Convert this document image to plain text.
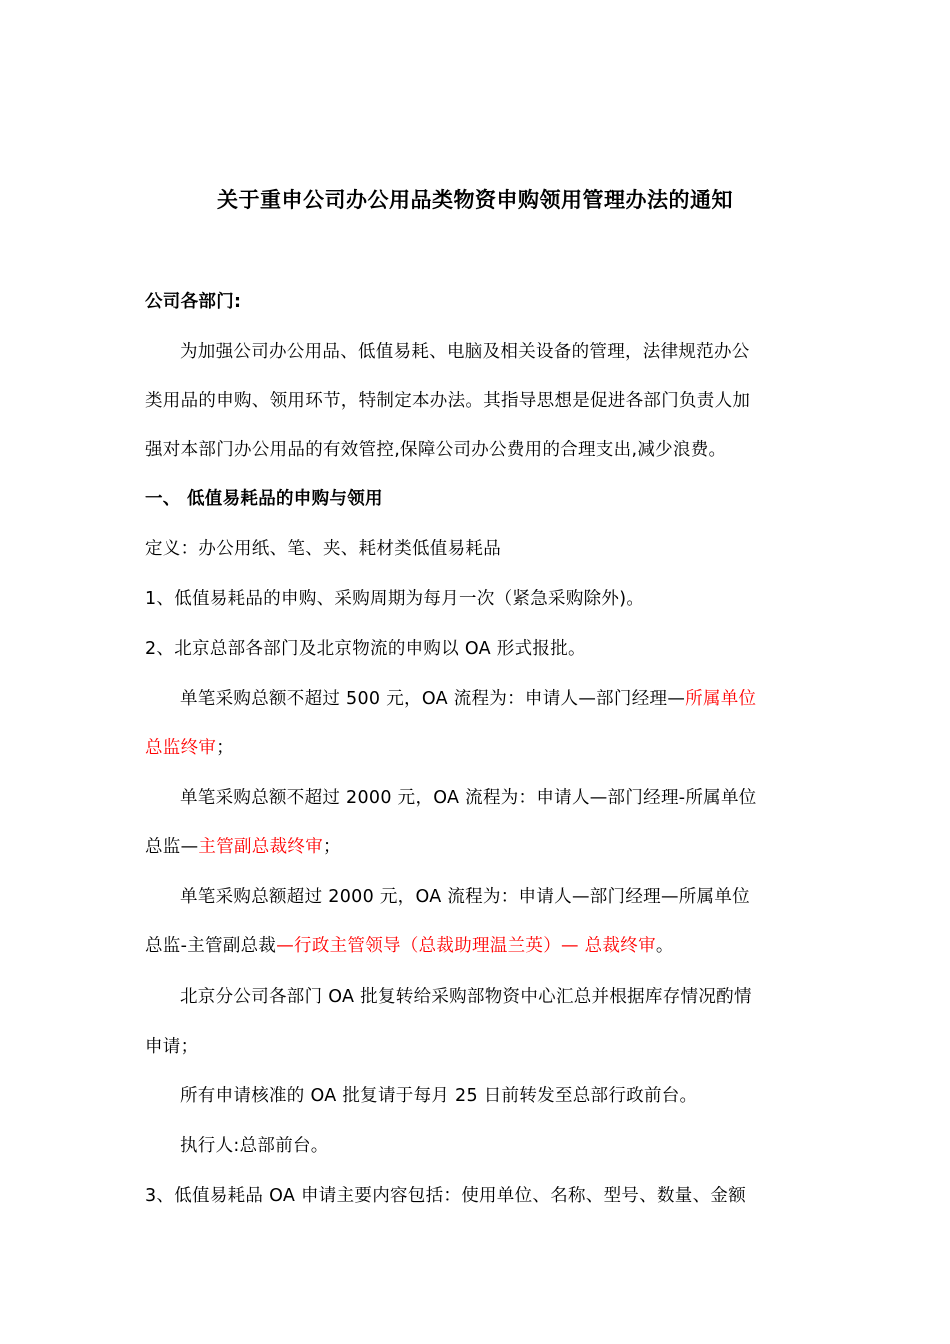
关于重申公司办公用品类物资申购领用管理办法的通知
公司各部门:
为加强公司办公用品、低值易耗、电脑及相关设备的管理，法律规范办公
类用品的申购、领用环节，特制定本办法。其指导思想是促进各部门负责人加
强对本部门办公用品的有效管控,保障公司办公费用的合理支出,减少浪费。
一、 低值易耗品的申购与领用
定义：办公用纸、笔、夹、耗材类低值易耗品
1、低值易耗品的申购、采购周期为每月一次（紧急采购除外)。
2、北京总部各部门及北京物流的申购以 OA 形式报批。
单笔采购总额不超过 500 元，OA 流程为：申请人—部门经理—所属单位
总监终审；
单笔采购总额不超过 2000 元，OA 流程为：申请人—部门经理-所属单位
总监—主管副总裁终审；
单笔采购总额超过 2000 元，OA 流程为：申请人—部门经理—所属单位
总监-主管副总裁—行政主管领导（总裁助理温兰英）— 总裁终审。
北京分公司各部门 OA 批复转给采购部物资中心汇总并根据库存情况酌情
申请；
所有申请核准的 OA 批复请于每月 25 日前转发至总部行政前台。
执行人:总部前台。
3、低值易耗品 OA 申请主要内容包括：使用单位、名称、型号、数量、金额
